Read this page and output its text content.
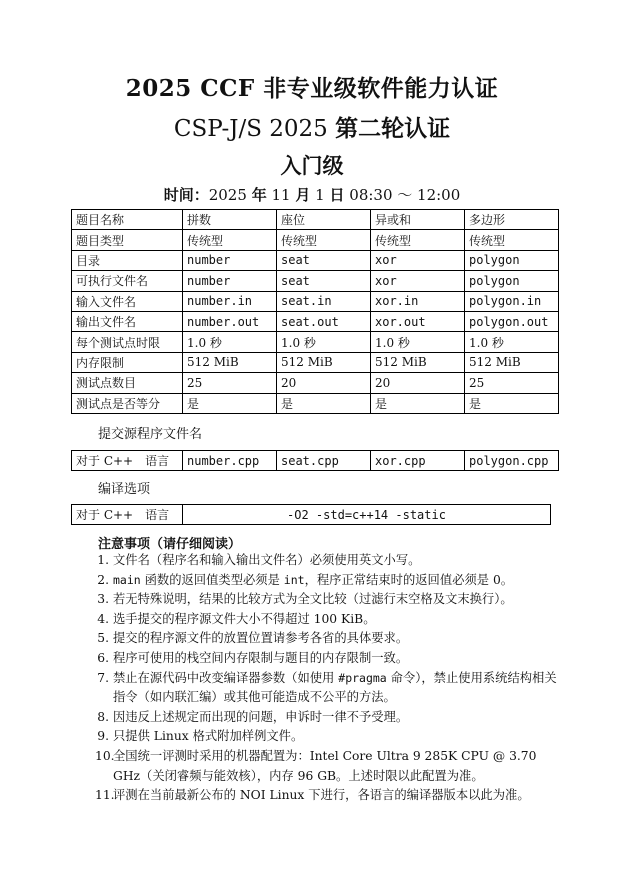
2025 CCF 非专业级软件能力认证
CSP-J/S 2025 第二轮认证
入门级
时间：2025 年 11 月 1 日 08:30 ～ 12:00
题目名称	拼数	座位	异或和	多边形
题目类型	传统型	传统型	传统型	传统型
目录	number	seat	xor	polygon
可执行文件名	number	seat	xor	polygon
输入文件名	number.in	seat.in	xor.in	polygon.in
输出文件名	number.out	seat.out	xor.out	polygon.out
每个测试点时限	1.0 秒	1.0 秒	1.0 秒	1.0 秒
内存限制	512 MiB	512 MiB	512 MiB	512 MiB
测试点数目	25	20	20	25
测试点是否等分	是	是	是	是
提交源程序文件名
对于 C++　语言	number.cpp	seat.cpp	xor.cpp	polygon.cpp
编译选项
对于 C++　语言	-O2 -std=c++14 -static
注意事项（请仔细阅读）
1. 文件名（程序名和输入输出文件名）必须使用英文小写。
2. main 函数的返回值类型必须是 int，程序正常结束时的返回值必须是 0。
3. 若无特殊说明，结果的比较方式为全文比较（过滤行末空格及文末换行）。
4. 选手提交的程序源文件大小不得超过 100 KiB。
5. 提交的程序源文件的放置位置请参考各省的具体要求。
6. 程序可使用的栈空间内存限制与题目的内存限制一致。
7. 禁止在源代码中改变编译器参数（如使用 #pragma 命令），禁止使用系统结构相关指令（如内联汇编）或其他可能造成不公平的方法。
8. 因违反上述规定而出现的问题，申诉时一律不予受理。
9. 只提供 Linux 格式附加样例文件。
10.
全国统一评测时采用的机器配置为：Intel Core Ultra 9 285K CPU @ 3.70 GHz（关闭睿频与能效核），内存 96 GB。上述时限以此配置为准。
11.
评测在当前最新公布的 NOI Linux 下进行，各语言的编译器版本以此为准。
